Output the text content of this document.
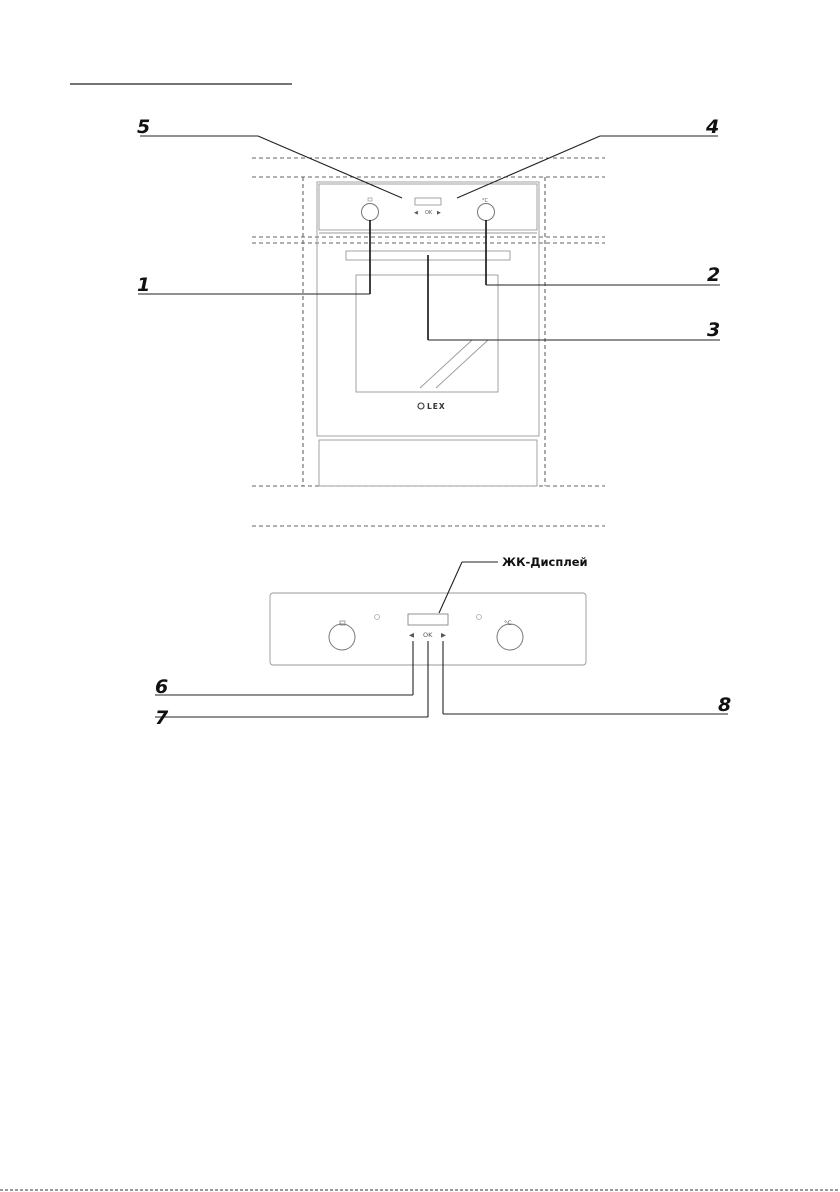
°C
◀ OK ▶
LEX
5	4
1	2
3
°C
◀ OK ▶
ЖК-Дисплей
6
7
8
